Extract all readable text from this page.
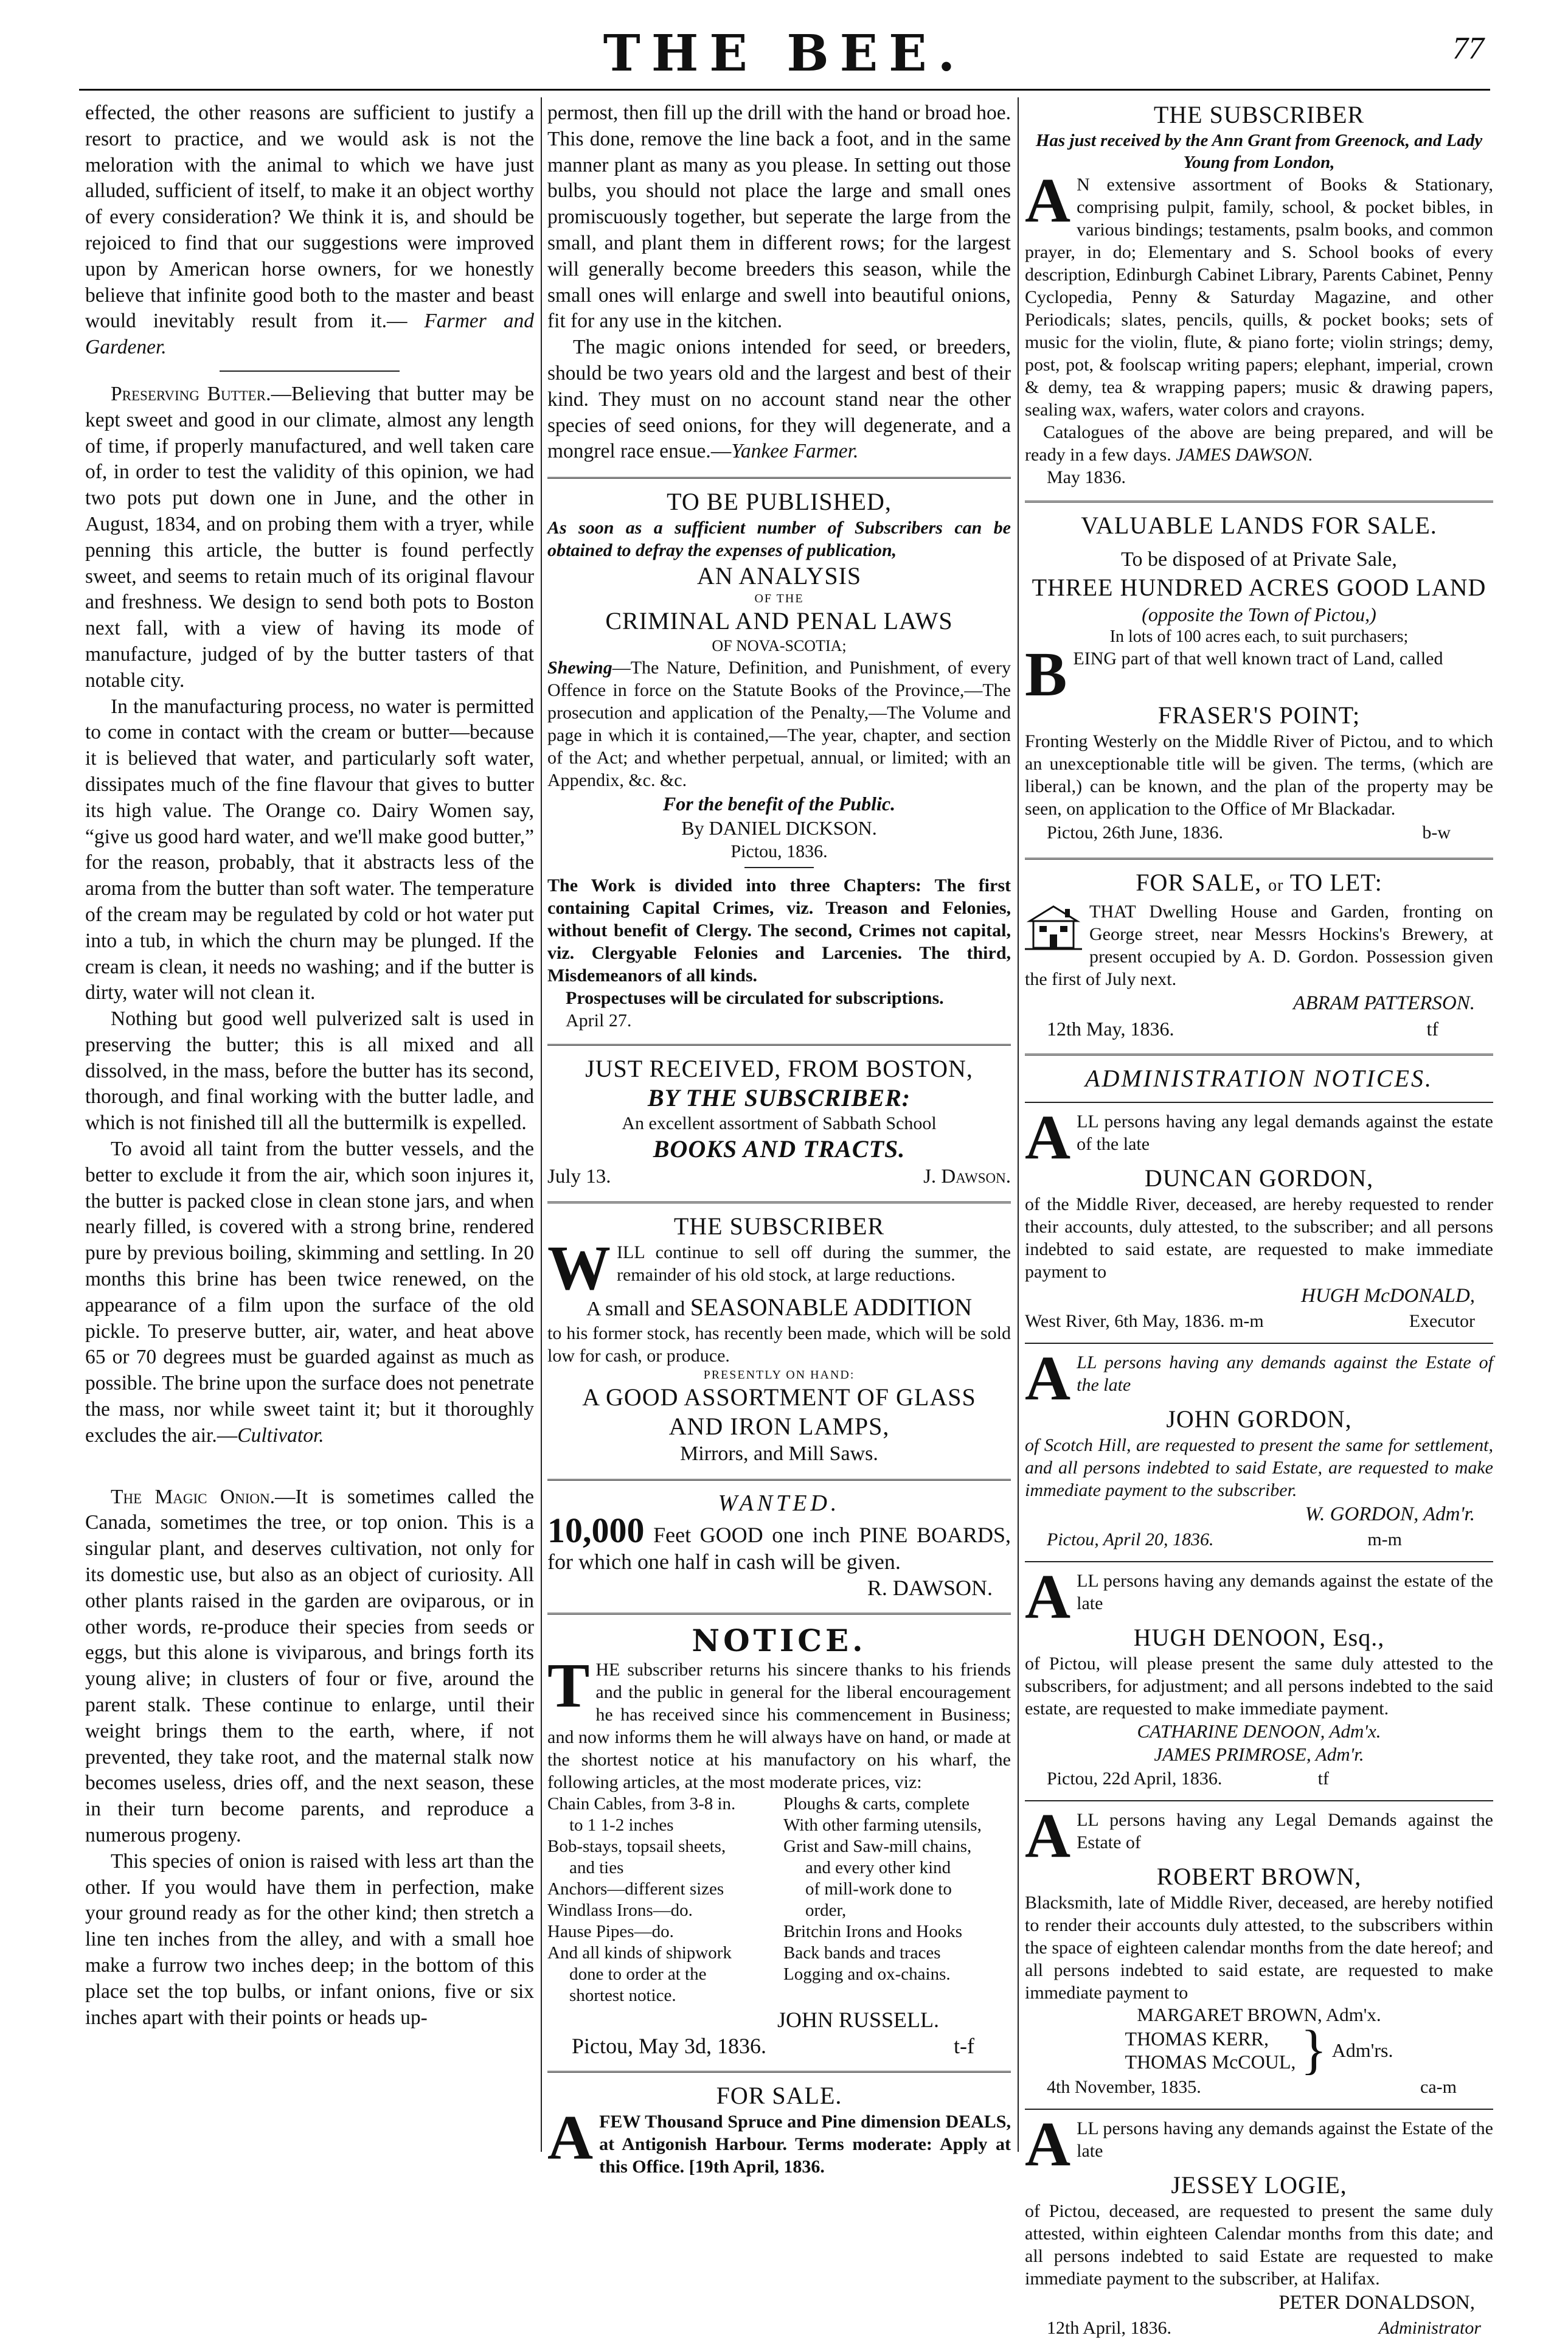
THE BEE.	77

effected, the other reasons are sufficient to justify a resort to practice, and we would ask is not the meloration with the animal to which we have just alluded, sufficient of itself, to make it an object worthy of every consideration? We think it is, and should be rejoiced to find that our suggestions were improved upon by American horse owners, for we honestly believe that infinite good both to the master and beast would inevitably result from it.— Farmer and Gardener.

Preserving Butter.—Believing that butter may be kept sweet and good in our climate, almost any length of time, if properly manufactured, and well taken care of, in order to test the validity of this opinion, we had two pots put down one in June, and the other in August, 1834, and on probing them with a tryer, while penning this article, the butter is found perfectly sweet, and seems to retain much of its original flavour and freshness. We design to send both pots to Boston next fall, with a view of having its mode of manufacture, judged of by the butter tasters of that notable city.

In the manufacturing process, no water is permitted to come in contact with the cream or butter—because it is believed that water, and particularly soft water, dissipates much of the fine flavour that gives to butter its high value. The Orange co. Dairy Women say, “give us good hard water, and we'll make good butter,” for the reason, probably, that it abstracts less of the aroma from the butter than soft water. The temperature of the cream may be regulated by cold or hot water put into a tub, in which the churn may be plunged. If the cream is clean, it needs no washing; and if the butter is dirty, water will not clean it.

Nothing but good well pulverized salt is used in preserving the butter; this is all mixed and all dissolved, in the mass, before the butter has its second, thorough, and final working with the butter ladle, and which is not finished till all the buttermilk is expelled.

To avoid all taint from the butter vessels, and the better to exclude it from the air, which soon injures it, the butter is packed close in clean stone jars, and when nearly filled, is covered with a strong brine, rendered pure by previous boiling, skimming and settling. In 20 months this brine has been twice renewed, on the appearance of a film upon the surface of the old pickle. To preserve butter, air, water, and heat above 65 or 70 degrees must be guarded against as much as possible. The brine upon the surface does not penetrate the mass, nor while sweet taint it; but it thoroughly excludes the air.—Cultivator.

The Magic Onion.—It is sometimes called the Canada, sometimes the tree, or top onion. This is a singular plant, and deserves cultivation, not only for its domestic use, but also as an object of curiosity. All other plants raised in the garden are oviparous, or in other words, re-produce their species from seeds or eggs, but this alone is viviparous, and brings forth its young alive; in clusters of four or five, around the parent stalk. These continue to enlarge, until their weight brings them to the earth, where, if not prevented, they take root, and the maternal stalk now becomes useless, dries off, and the next season, these in their turn become parents, and reproduce a numerous progeny.

This species of onion is raised with less art than the other. If you would have them in perfection, make your ground ready as for the other kind; then stretch a line ten inches from the alley, and with a small hoe make a furrow two inches deep; in the bottom of this place set the top bulbs, or infant onions, five or six inches apart with their points or heads up-

permost, then fill up the drill with the hand or broad hoe. This done, remove the line back a foot, and in the same manner plant as many as you please. In setting out those bulbs, you should not place the large and small ones promiscuously together, but seperate the large from the small, and plant them in different rows; for the largest will generally become breeders this season, while the small ones will enlarge and swell into beautiful onions, fit for any use in the kitchen.

The magic onions intended for seed, or breeders, should be two years old and the largest and best of their kind. They must on no account stand near the other species of seed onions, for they will degenerate, and a mongrel race ensue.—Yankee Farmer.

TO BE PUBLISHED,

As soon as a sufficient number of Subscribers can be obtained to defray the expenses of publication,

AN ANALYSIS
OF THE
CRIMINAL AND PENAL LAWS
OF NOVA-SCOTIA;

Shewing—The Nature, Definition, and Punishment, of every Offence in force on the Statute Books of the Province,—The prosecution and application of the Penalty,—The Volume and page in which it is contained,—The year, chapter, and section of the Act; and whether perpetual, annual, or limited; with an Appendix, &c. &c.

For the benefit of the Public.
By DANIEL DICKSON.
Pictou, 1836.

The Work is divided into three Chapters: The first containing Capital Crimes, viz. Treason and Felonies, without benefit of Clergy. The second, Crimes not capital, viz. Clergyable Felonies and Larcenies. The third, Misdemeanors of all kinds.

Prospectuses will be circulated for subscriptions.

April 27.

JUST RECEIVED, FROM BOSTON,
BY THE SUBSCRIBER:
An excellent assortment of Sabbath School
BOOKS AND TRACTS.
July 13.	J. Dawson.
THE SUBSCRIBER

WILL continue to sell off during the summer, the remainder of his old stock, at large reductions.

A small and SEASONABLE ADDITION

to his former stock, has recently been made, which will be sold low for cash, or produce.

PRESENTLY ON HAND:
A GOOD ASSORTMENT OF GLASS
AND IRON LAMPS,
Mirrors, and Mill Saws.
WANTED.

10,000 Feet GOOD one inch PINE BOARDS, for which one half in cash will be given.

R. DAWSON.
NOTICE.

THE subscriber returns his sincere thanks to his friends and the public in general for the liberal encouragement he has received since his commencement in Business; and now informs them he will always have on hand, or made at the shortest notice at his manufactory on his wharf, the following articles, at the most moderate prices, viz:

Chain Cables, from 3-8 in.
to 1 1-2 inches
Bob-stays, topsail sheets,
and ties
Anchors—different sizes
Windlass Irons—do.
Hause Pipes—do.
And all kinds of shipwork
done to order at the
shortest notice.
Ploughs & carts, complete
With other farming utensils,
Grist and Saw-mill chains,
and every other kind
of mill-work done to
order,
Britchin Irons and Hooks
Back bands and traces
Logging and ox-chains.
JOHN RUSSELL.
Pictou, May 3d, 1836.	t-f
FOR SALE.

AFEW Thousand Spruce and Pine dimension DEALS, at Antigonish Harbour. Terms moderate: Apply at this Office. [19th April, 1836.

THE SUBSCRIBER
Has just received by the Ann Grant from Greenock, and Lady Young from London,

A N extensive assortment of Books & Stationary, comprising pulpit, family, school, & pocket bibles, in various bindings; testaments, psalm books, and common prayer, in do; Elementary and S. School books of every description, Edinburgh Cabinet Library, Parents Cabinet, Penny Cyclopedia, Penny & Saturday Magazine, and other Periodicals; slates, pencils, quills, & pocket books; sets of music for the violin, flute, & piano forte; violin strings; demy, post, pot, & foolscap writing papers; elephant, imperial, crown & demy, tea & wrapping papers; music & drawing papers, sealing wax, wafers, water colors and crayons.

Catalogues of the above are being prepared, and will be ready in a few days. JAMES DAWSON.

May 1836.

VALUABLE LANDS FOR SALE.
To be disposed of at Private Sale,
THREE HUNDRED ACRES GOOD LAND
(opposite the Town of Pictou,)
In lots of 100 acres each, to suit purchasers;

BEING part of that well known tract of Land, called

FRASER'S POINT;

Fronting Westerly on the Middle River of Pictou, and to which an unexceptionable title will be given. The terms, (which are liberal,) can be known, and the plan of the property may be seen, on application to the Office of Mr Blackadar.

Pictou, 26th June, 1836.	b-w
FOR SALE, or TO LET:

THAT Dwelling House and Garden, fronting on George street, near Messrs Hockins's Brewery, at present occupied by A. D. Gordon. Possession given the first of July next.

ABRAM PATTERSON.
12th May, 1836.	tf
ADMINISTRATION NOTICES.

ALL persons having any legal demands against the estate of the late

DUNCAN GORDON,

of the Middle River, deceased, are hereby requested to render their accounts, duly attested, to the subscriber; and all persons indebted to said estate, are requested to make immediate payment to

HUGH McDONALD,
West River, 6th May, 1836. m-m	Executor

ALL persons having any demands against the Estate of the late

JOHN GORDON,

of Scotch Hill, are requested to present the same for settlement, and all persons indebted to said Estate, are requested to make immediate payment to the subscriber.

W. GORDON, Adm'r.
Pictou, April 20, 1836.	m-m

ALL persons having any demands against the estate of the late

HUGH DENOON, Esq.,

of Pictou, will please present the same duly attested to the subscribers, for adjustment; and all persons indebted to the said estate, are requested to make immediate payment.

CATHARINE DENOON, Adm'x.
JAMES PRIMROSE, Adm'r.
Pictou, 22d April, 1836.	tf

ALL persons having any Legal Demands against the Estate of

ROBERT BROWN,

Blacksmith, late of Middle River, deceased, are hereby notified to render their accounts duly attested, to the subscribers within the space of eighteen calendar months from the date hereof; and all persons indebted to said estate, are requested to make immediate payment to

MARGARET BROWN, Adm'x.
THOMAS KERR,
THOMAS McCOUL, } Adm'rs.
4th November, 1835.	ca-m

ALL persons having any demands against the Estate of the late

JESSEY LOGIE,

of Pictou, deceased, are requested to present the same duly attested, within eighteen Calendar months from this date; and all persons indebted to said Estate are requested to make immediate payment to the subscriber, at Halifax.

PETER DONALDSON,
12th April, 1836.	Administrator
